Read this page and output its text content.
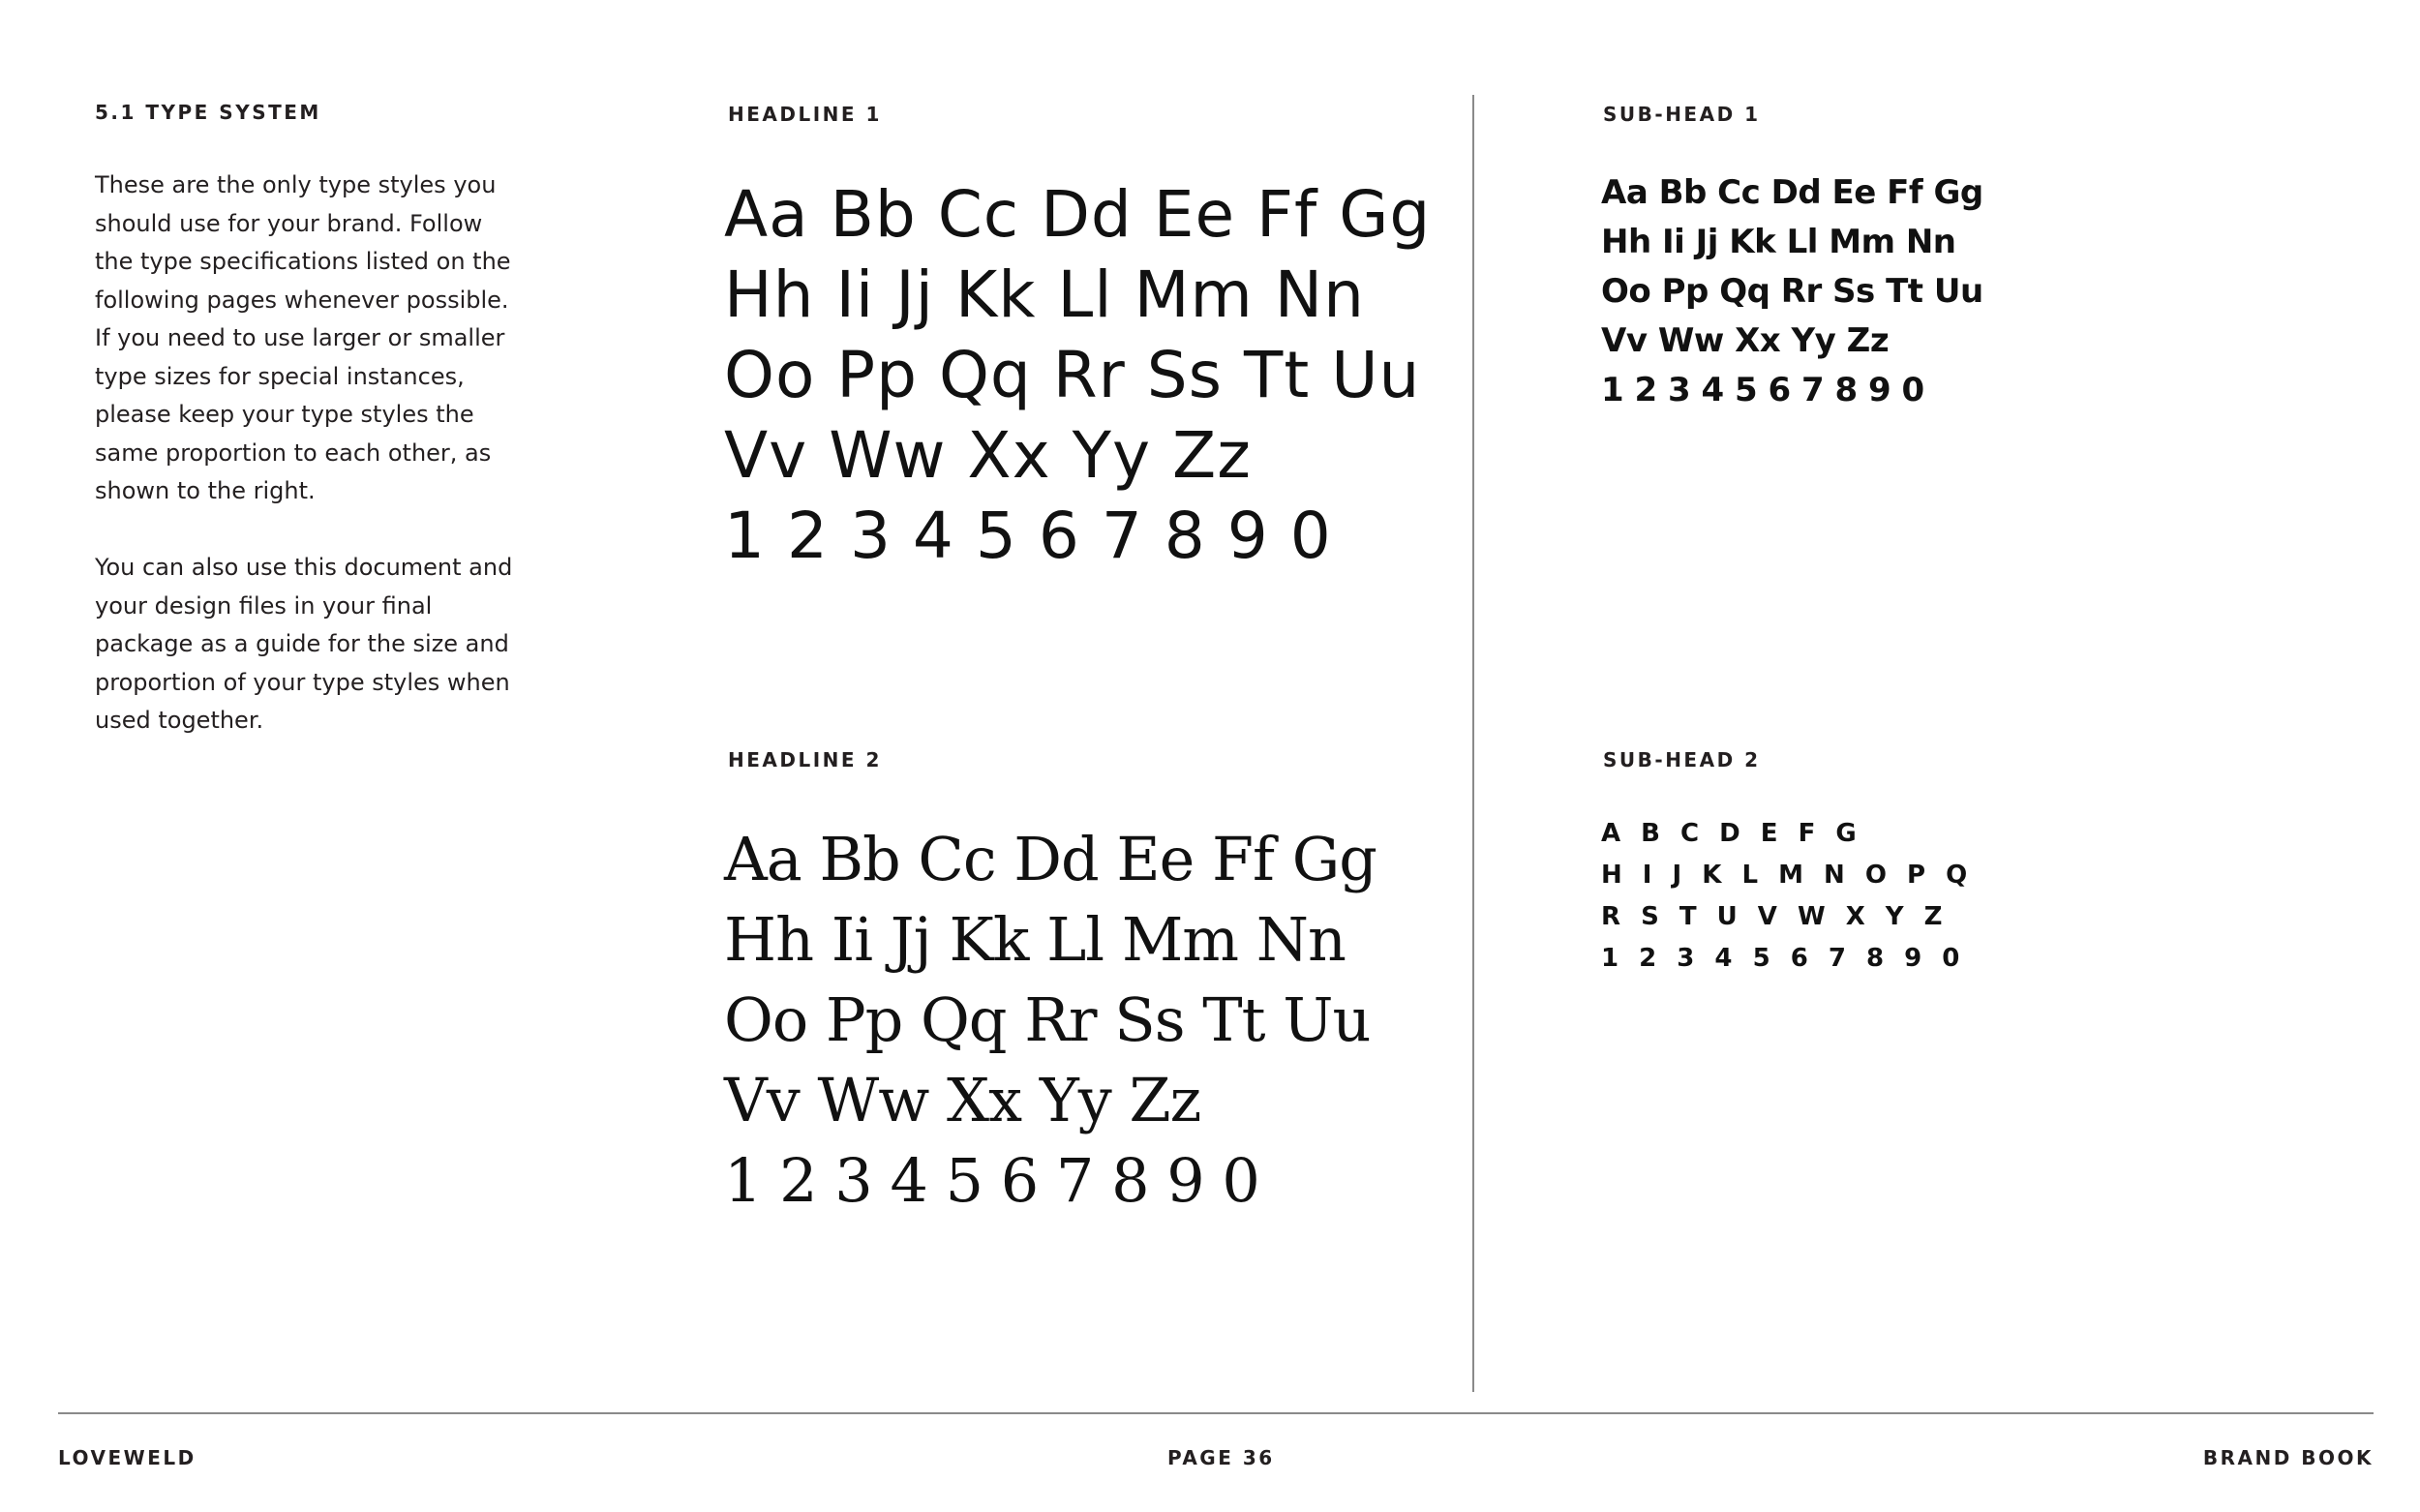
5.1 TYPE SYSTEM

These are the only type styles you should use for your brand. Follow the type specifications listed on the following pages whenever possible. If you need to use larger or smaller type sizes for special instances, please keep your type styles the same proportion to each other, as shown to the right.

You can also use this document and your design files in your final package as a guide for the size and proportion of your type styles when used together.

HEADLINE 1
Aa Bb Cc Dd Ee Ff Gg
Hh Ii Jj Kk Ll Mm Nn
Oo Pp Qq Rr Ss Tt Uu
Vv Ww Xx Yy Zz
1 2 3 4 5 6 7 8 9 0
HEADLINE 2
Aa Bb Cc Dd Ee Ff Gg
Hh Ii Jj Kk Ll Mm Nn
Oo Pp Qq Rr Ss Tt Uu
Vv Ww Xx Yy Zz
1 2 3 4 5 6 7 8 9 0
SUB-HEAD 1
Aa Bb Cc Dd Ee Ff Gg
Hh Ii Jj Kk Ll Mm Nn
Oo Pp Qq Rr Ss Tt Uu
Vv Ww Xx Yy Zz
1 2 3 4 5 6 7 8 9 0
SUB-HEAD 2
A B C D E F G
H I J K L M N O P Q
R S T U V W X Y Z
1 2 3 4 5 6 7 8 9 0
LOVEWELD	PAGE 36	BRAND BOOK
